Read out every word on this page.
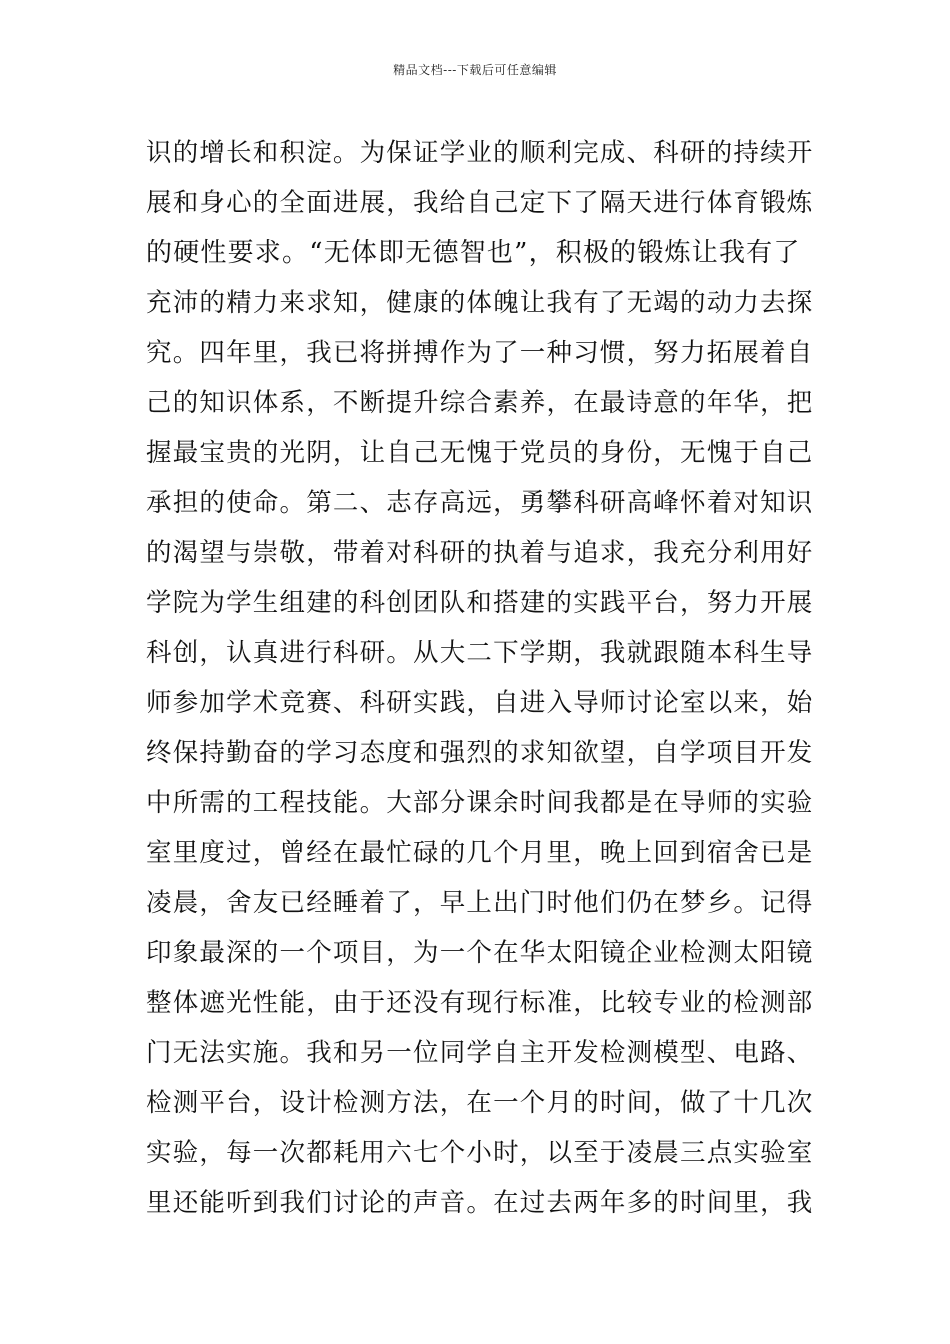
精品文档---下载后可任意编辑
识的增长和积淀。为保证学业的顺利完成、科研的持续开
展和身心的全面进展，我给自己定下了隔天进行体育锻炼
的硬性要求。“无体即无德智也”，积极的锻炼让我有了
充沛的精力来求知，健康的体魄让我有了无竭的动力去探
究。四年里，我已将拼搏作为了一种习惯，努力拓展着自
己的知识体系，不断提升综合素养，在最诗意的年华，把
握最宝贵的光阴，让自己无愧于党员的身份，无愧于自己
承担的使命。第二、志存高远，勇攀科研高峰怀着对知识
的渴望与崇敬，带着对科研的执着与追求，我充分利用好
学院为学生组建的科创团队和搭建的实践平台，努力开展
科创，认真进行科研。从大二下学期，我就跟随本科生导
师参加学术竞赛、科研实践，自进入导师讨论室以来，始
终保持勤奋的学习态度和强烈的求知欲望，自学项目开发
中所需的工程技能。大部分课余时间我都是在导师的实验
室里度过，曾经在最忙碌的几个月里，晚上回到宿舍已是
凌晨，舍友已经睡着了，早上出门时他们仍在梦乡。记得
印象最深的一个项目，为一个在华太阳镜企业检测太阳镜
整体遮光性能，由于还没有现行标准，比较专业的检测部
门无法实施。我和另一位同学自主开发检测模型、电路、
检测平台，设计检测方法，在一个月的时间，做了十几次
实验，每一次都耗用六七个小时，以至于凌晨三点实验室
里还能听到我们讨论的声音。在过去两年多的时间里，我
